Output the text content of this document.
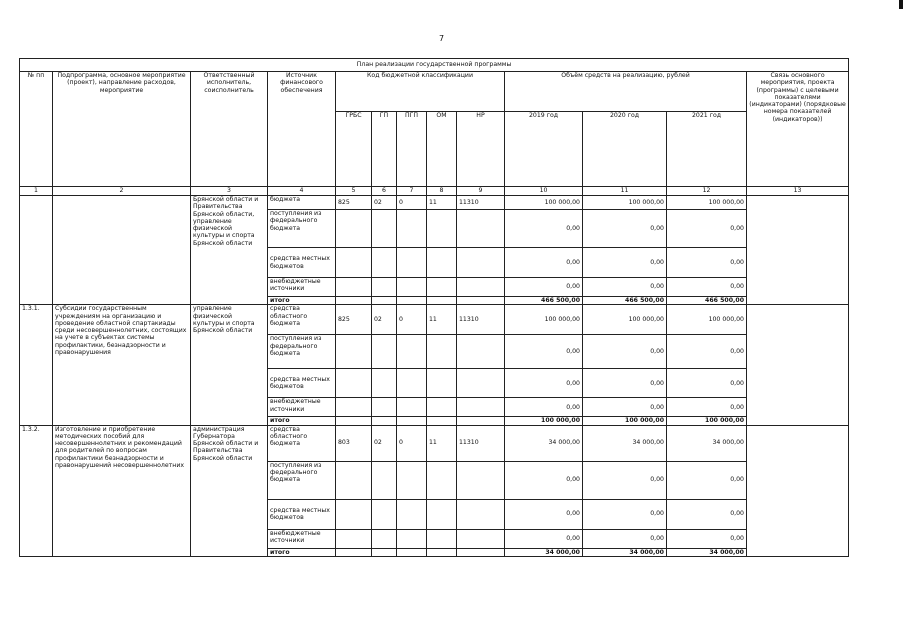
7
План реализации государственной программы												
№ пп	Подпрограмма, основное мероприятие (проект), направление расходов, мероприятие	Ответственный исполнитель, соисполнитель	Источник финансового обеспечения	Код бюджетной классификации					Объём средств на реализацию, рублей			Связь основного мероприятия, проекта (программы) с целевыми показателями (индикаторами) (порядковые номера показателей (индикаторов))
				ГРБС	ГП	ПГП	ОМ	НР	2019 год	2020 год	2021 год	
1	2	3	4	5	6	7	8	9	10	11	12	13
		Брянской области и Правительства Брянской области, управление физической культуры и спорта Брянской области	бюджета	825	02	0	11	11310	100 000,00	100 000,00	100 000,00	
			поступления из федерального бюджета						0,00	0,00	0,00	
			средства местных бюджетов						0,00	0,00	0,00	
			внебюджетные источники						0,00	0,00	0,00	
			итого						466 500,00	466 500,00	466 500,00	
1.3.1.	Субсидии государственным учреждениям на организацию и проведение областной спартакиады среди несовершеннолетних, состоящих на учете в субъектах системы профилактики, безнадзорности и правонарушения	управление физической культуры и спорта Брянской области	средства областного бюджета	825	02	0	11	11310	100 000,00	100 000,00	100 000,00	
			поступления из федерального бюджета						0,00	0,00	0,00	
			средства местных бюджетов						0,00	0,00	0,00	
			внебюджетные источники						0,00	0,00	0,00	
			итого						100 000,00	100 000,00	100 000,00	
1.3.2.	Изготовление и приобретение методических пособий для несовершеннолетних и рекомендаций для родителей по вопросам профилактики безнадзорности и правонарушений несовершеннолетних	администрация Губернатора Брянской области и Правительства Брянской области	средства областного бюджета	803	02	0	11	11310	34 000,00	34 000,00	34 000,00	
			поступления из федерального бюджета						0,00	0,00	0,00	
			средства местных бюджетов						0,00	0,00	0,00	
			внебюджетные источники						0,00	0,00	0,00	
			итого						34 000,00	34 000,00	34 000,00	
